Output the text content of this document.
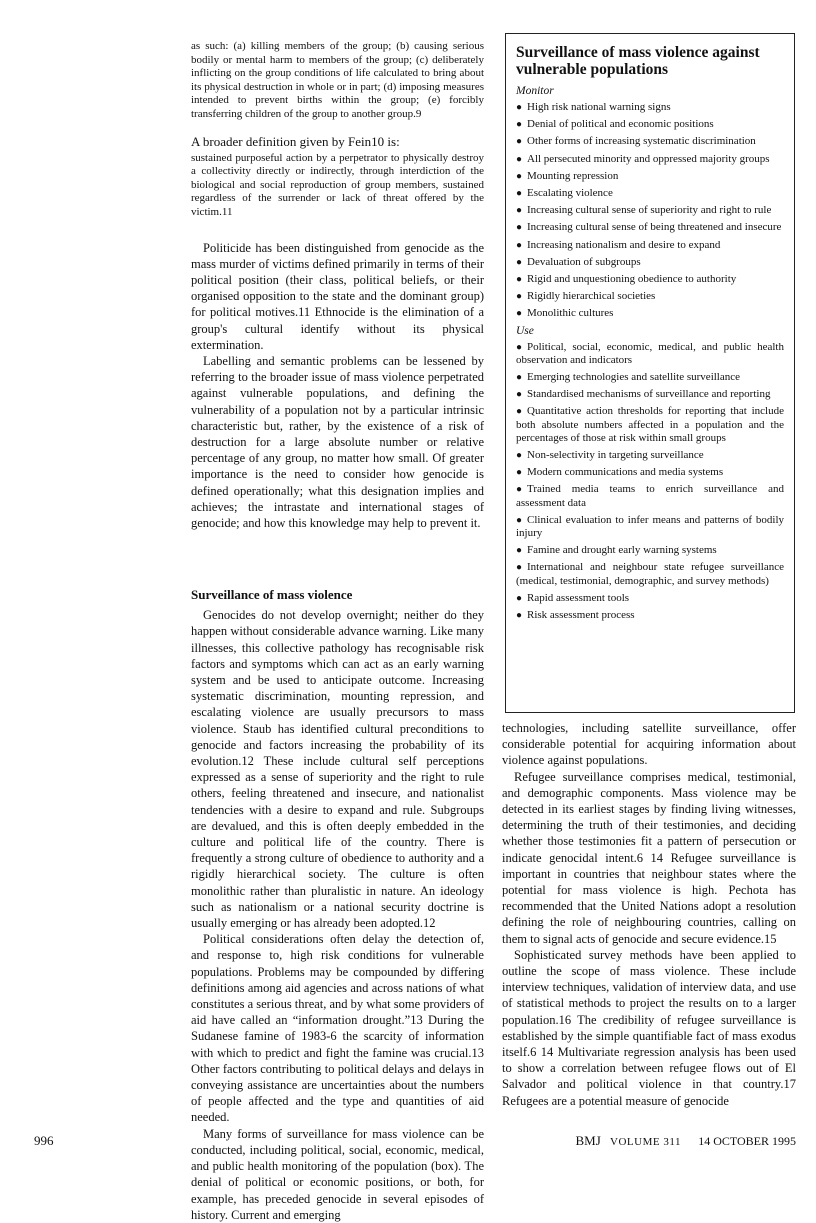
as such: (a) killing members of the group; (b) causing serious bodily or mental harm to members of the group; (c) deliberately inflicting on the group conditions of life calculated to bring about its physical destruction in whole or in part; (d) imposing measures intended to prevent births within the group; (e) forcibly transferring children of the group to another group.9

A broader definition given by Fein10 is:

sustained purposeful action by a perpetrator to physically destroy a collectivity directly or indirectly, through interdiction of the biological and social reproduction of group members, sustained regardless of the surrender or lack of threat offered by the victim.11

Politicide has been distinguished from genocide as the mass murder of victims defined primarily in terms of their political position (their class, political beliefs, or their organised opposition to the state and the dominant group) for political motives.11 Ethnocide is the elimination of a group's cultural identify without its physical extermination.

Labelling and semantic problems can be lessened by referring to the broader issue of mass violence perpetrated against vulnerable populations, and defining the vulnerability of a population not by a particular intrinsic characteristic but, rather, by the existence of a risk of destruction for a large absolute number or relative percentage of any group, no matter how small. Of greater importance is the need to consider how genocide is defined operationally; what this designation implies and achieves; the intrastate and international stages of genocide; and how this knowledge may help to prevent it.

Surveillance of mass violence

Genocides do not develop overnight; neither do they happen without considerable advance warning. Like many illnesses, this collective pathology has recognisable risk factors and symptoms which can act as an early warning system and be used to anticipate outcome. Increasing systematic discrimination, mounting repression, and escalating violence are usually precursors to mass violence. Staub has identified cultural preconditions to genocide and factors increasing the probability of its evolution.12 These include cultural self perceptions expressed as a sense of superiority and the right to rule others, feeling threatened and insecure, and nationalist tendencies with a desire to expand and rule. Subgroups are devalued, and this is often deeply embedded in the culture and political life of the country. There is frequently a strong culture of obedience to authority and a rigidly hierarchical society. The culture is often monolithic rather than pluralistic in nature. An ideology such as nationalism or a national security doctrine is usually emerging or has already been adopted.12

Political considerations often delay the detection of, and response to, high risk conditions for vulnerable populations. Problems may be compounded by differing definitions among aid agencies and across nations of what constitutes a serious threat, and by what some providers of aid have called an “information drought.”13 During the Sudanese famine of 1983-6 the scarcity of information with which to predict and fight the famine was crucial.13 Other factors contributing to political delays and delays in conveying assistance are uncertainties about the numbers of people affected and the type and quantities of aid needed.

Many forms of surveillance for mass violence can be conducted, including political, social, economic, medical, and public health monitoring of the population (box). The denial of political or economic positions, or both, for example, has preceded genocide in several episodes of history. Current and emerging

Surveillance of mass violence against vulnerable populations
Monitor
● High risk national warning signs
● Denial of political and economic positions
● Other forms of increasing systematic discrimination
● All persecuted minority and oppressed majority groups
● Mounting repression
● Escalating violence
● Increasing cultural sense of superiority and right to rule
● Increasing cultural sense of being threatened and insecure
● Increasing nationalism and desire to expand
● Devaluation of subgroups
● Rigid and unquestioning obedience to authority
● Rigidly hierarchical societies
● Monolithic cultures
Use
● Political, social, economic, medical, and public health observation and indicators
● Emerging technologies and satellite surveillance
● Standardised mechanisms of surveillance and reporting
● Quantitative action thresholds for reporting that include both absolute numbers affected in a population and the percentages of those at risk within small groups
● Non-selectivity in targeting surveillance
● Modern communications and media systems
● Trained media teams to enrich surveillance and assessment data
● Clinical evaluation to infer means and patterns of bodily injury
● Famine and drought early warning systems
● International and neighbour state refugee surveillance (medical, testimonial, demographic, and survey methods)
● Rapid assessment tools
● Risk assessment process

technologies, including satellite surveillance, offer considerable potential for acquiring information about violence against populations.

Refugee surveillance comprises medical, testimonial, and demographic components. Mass violence may be detected in its earliest stages by finding living witnesses, determining the truth of their testimonies, and deciding whether those testimonies fit a pattern of persecution or indicate genocidal intent.6 14 Refugee surveillance is important in countries that neighbour states where the potential for mass violence is high. Pechota has recommended that the United Nations adopt a resolution defining the role of neighbouring countries, calling on them to signal acts of genocide and secure evidence.15

Sophisticated survey methods have been applied to outline the scope of mass violence. These include interview techniques, validation of interview data, and use of statistical methods to project the results on to a larger population.16 The credibility of refugee surveillance is established by the simple quantifiable fact of mass exodus itself.6 14 Multivariate regression analysis has been used to show a correlation between refugee flows out of El Salvador and political violence in that country.17 Refugees are a potential measure of genocide

996	BMJ VOLUME 311 14 OCTOBER 1995
